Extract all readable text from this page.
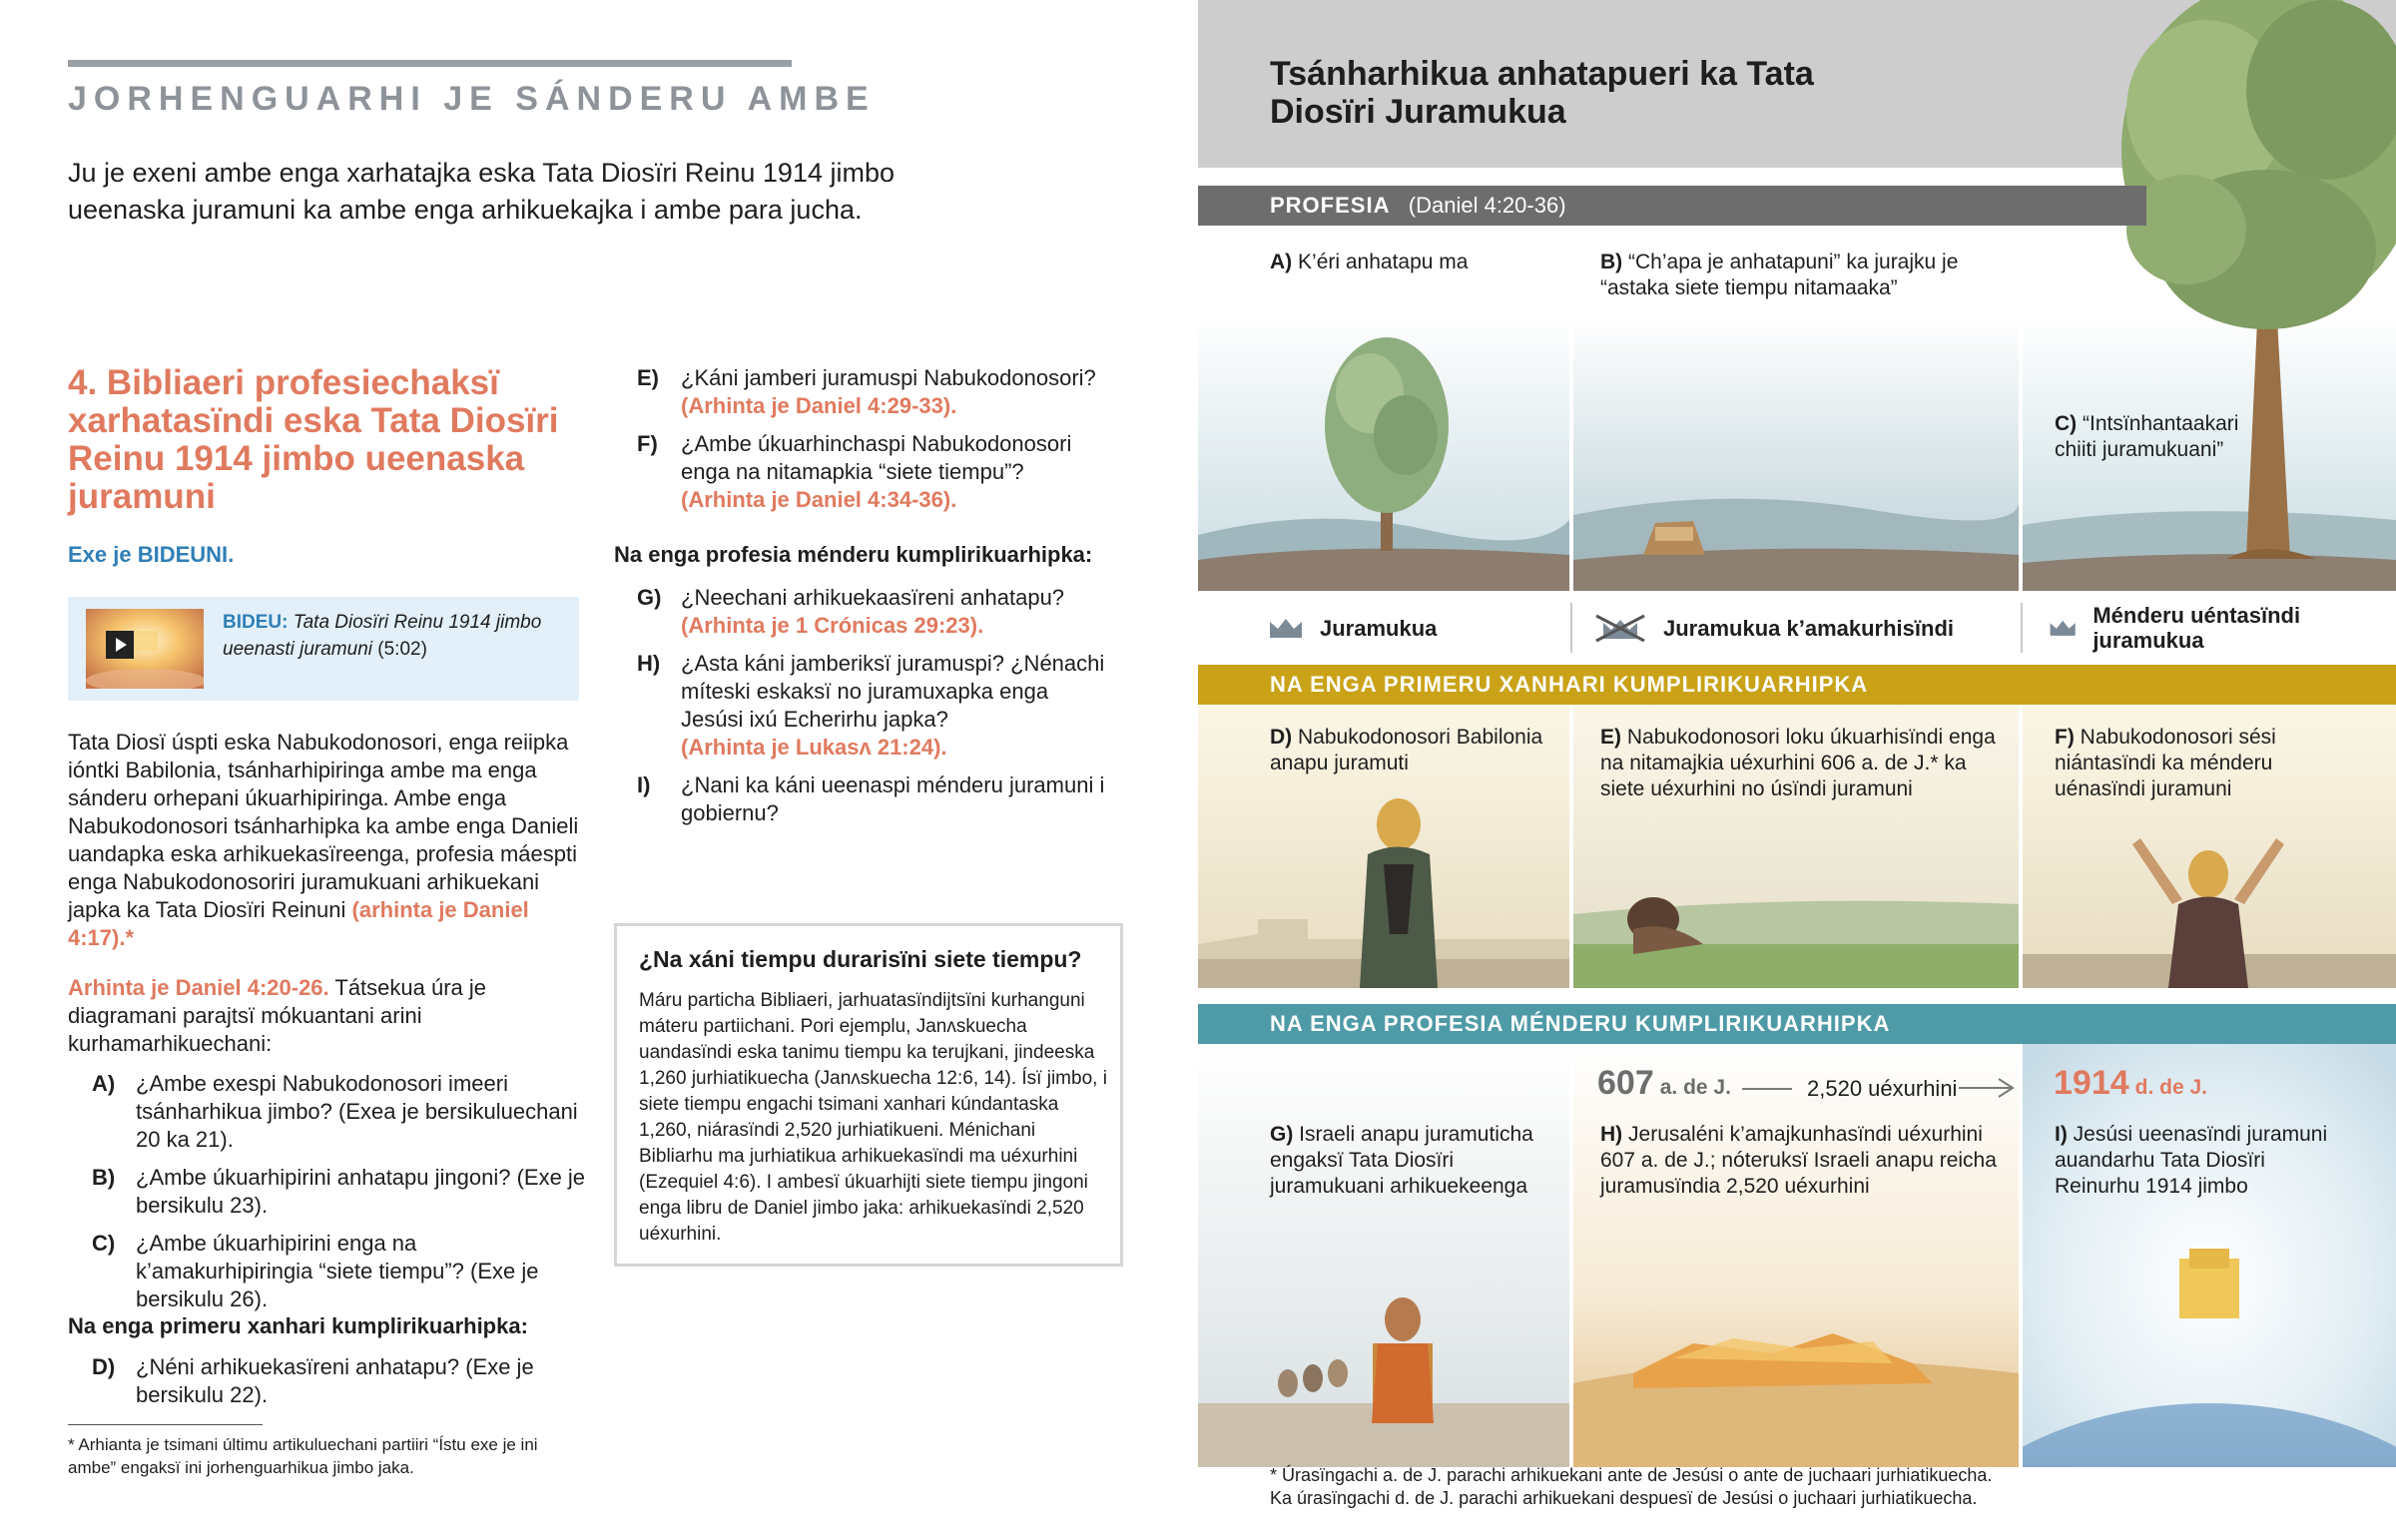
JORHENGUARHI JE SÁNDERU AMBE
Ju je exeni ambe enga xarhatajka eska Tata Diosïri Reinu 1914 jimbo ueenaska juramuni ka ambe enga arhikuekajka i ambe para jucha.
4. Bibliaeri profesiechaksï xarhatasïndi eska Tata Diosïri Reinu 1914 jimbo ueenaska juramuni
Exe je BIDEUNI.
BIDEU: Tata Diosïri Reinu 1914 jimbo ueenasti juramuni (5:02)
Tata Diosï úspti eska Nabukodonosori, enga reiipka ióntki Babilonia, tsánharhipiringa ambe ma enga sánderu orhepani úkuarhipiringa. Ambe enga Nabukodonosori tsánharhipka ka ambe enga Danieli uandapka eska arhikuekasïreenga, profesia máespti enga Nabukodonosoriri juramukuani arhikuekani japka ka Tata Diosïri Reinuni (arhinta je Daniel 4:17).*
Arhinta je Daniel 4:20-26. Tátsekua úra je diagramani parajtsï mókuantani arini kurhamarhikuechani:
A) ¿Ambe exespi Nabukodonosori imeeri tsánharhikua jimbo? (Exea je bersikuluechani 20 ka 21).
B) ¿Ambe úkuarhipirini anhatapu jingoni? (Exe je bersikulu 23).
C) ¿Ambe úkuarhipirini enga na k’amakurhipiringia “siete tiempu”? (Exe je bersikulu 26).
Na enga primeru xanhari kumplirikuarhipka:
D) ¿Néni arhikuekasïreni anhatapu? (Exe je bersikulu 22).
* Arhianta je tsimani últimu artikuluechani partiiri “Ístu exe je ini ambe” engaksï ini jorhenguarhikua jimbo jaka.
E) ¿Káni jamberi juramuspi Nabukodonosori?
(Arhinta je Daniel 4:29-33).
F) ¿Ambe úkuarhinchaspi Nabukodonosori enga na nitamapkia “siete tiempu”?
(Arhinta je Daniel 4:34-36).
Na enga profesia ménderu kumplirikuarhipka:
G) ¿Neechani arhikuekaasïreni anhatapu?
(Arhinta je 1 Crónicas 29:23).
H) ¿Asta káni jamberiksï juramuspi? ¿Nénachi míteski eskaksï no juramuxapka enga Jesúsi ixú Echerirhu japka?
(Arhinta je Lukasʌ 21:24).
I) ¿Nani ka káni ueenaspi ménderu juramuni i gobiernu?
¿Na xáni tiempu durarisïni siete tiempu?
Máru particha Bibliaeri, jarhuatasïndijtsïni kurhanguni máteru partiichani. Pori ejemplu, Janʌskuecha uandasïndi eska tanimu tiempu ka terujkani, jindeeska 1,260 jurhiatikuecha (Janʌskuecha 12:6, 14). Ísï jimbo, i siete tiempu engachi tsimani xanhari kúndantaska 1,260, niárasïndi 2,520 jurhiatikueni. Ménichani Bibliarhu ma jurhiatikua arhikuekasïndi ma uéxurhini (Ezequiel 4:6). I ambesï úkuarhijti siete tiempu jingoni enga libru de Daniel jimbo jaka: arhikuekasïndi 2,520 uéxurhini.
Tsánharhikua anhatapueri ka Tata Diosïri Juramukua
PROFESIA (Daniel 4:20-36)
A) K’éri anhatapu ma	B) “Ch’apa je anhatapuni” ka jurajku je “astaka siete tiempu nitamaaka”
C) “Intsïnhantaakari chiiti juramukuani”
Juramukua	Juramukua k’amakurhisïndi	Ménderu uéntasïndi juramukua
NA ENGA PRIMERU XANHARI KUMPLIRIKUARHIPKA
D) Nabukodonosori Babilonia anapu juramuti
E) Nabukodonosori loku úkuarhisïndi enga na nitamajkia uéxurhini 606 a. de J.* ka siete uéxurhini no úsïndi juramuni
F) Nabukodonosori sési niántasïndi ka ménderu uénasïndi juramuni
NA ENGA PROFESIA MÉNDERU KUMPLIRIKUARHIPKA
607 a. de J.	2,520 uéxurhini	1914 d. de J.
G) Israeli anapu juramuticha engaksï Tata Diosïri juramukuani arhikuekeenga
H) Jerusaléni k’amajkunhasïndi uéxurhini 607 a. de J.; nóteruksï Israeli anapu reicha juramusïndia 2,520 uéxurhini
I) Jesúsi ueenasïndi juramuni auandarhu Tata Diosïri Reinurhu 1914 jimbo
* Úrasïngachi a. de J. parachi arhikuekani ante de Jesúsi o ante de juchaari jurhiatikuecha.
Ka úrasïngachi d. de J. parachi arhikuekani despuesï de Jesúsi o juchaari jurhiatikuecha.
